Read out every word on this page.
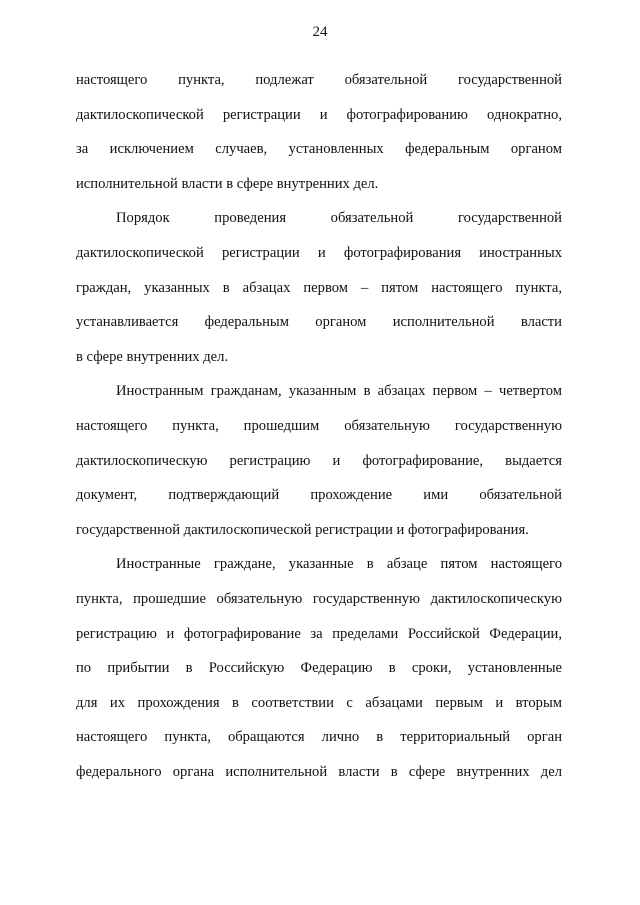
24
настоящего пункта, подлежат обязательной государственной
дактилоскопической регистрации и фотографированию однократно,
за исключением случаев, установленных федеральным органом
исполнительной власти в сфере внутренних дел.
Порядок проведения обязательной государственной
дактилоскопической регистрации и фотографирования иностранных
граждан, указанных в абзацах первом – пятом настоящего пункта,
устанавливается федеральным органом исполнительной власти
в сфере внутренних дел.
Иностранным гражданам, указанным в абзацах первом – четвертом
настоящего пункта, прошедшим обязательную государственную
дактилоскопическую регистрацию и фотографирование, выдается
документ, подтверждающий прохождение ими обязательной
государственной дактилоскопической регистрации и фотографирования.
Иностранные граждане, указанные в абзаце пятом настоящего
пункта, прошедшие обязательную государственную дактилоскопическую
регистрацию и фотографирование за пределами Российской Федерации,
по прибытии в Российскую Федерацию в сроки, установленные
для их прохождения в соответствии с абзацами первым и вторым
настоящего пункта, обращаются лично в территориальный орган
федерального органа исполнительной власти в сфере внутренних дел
